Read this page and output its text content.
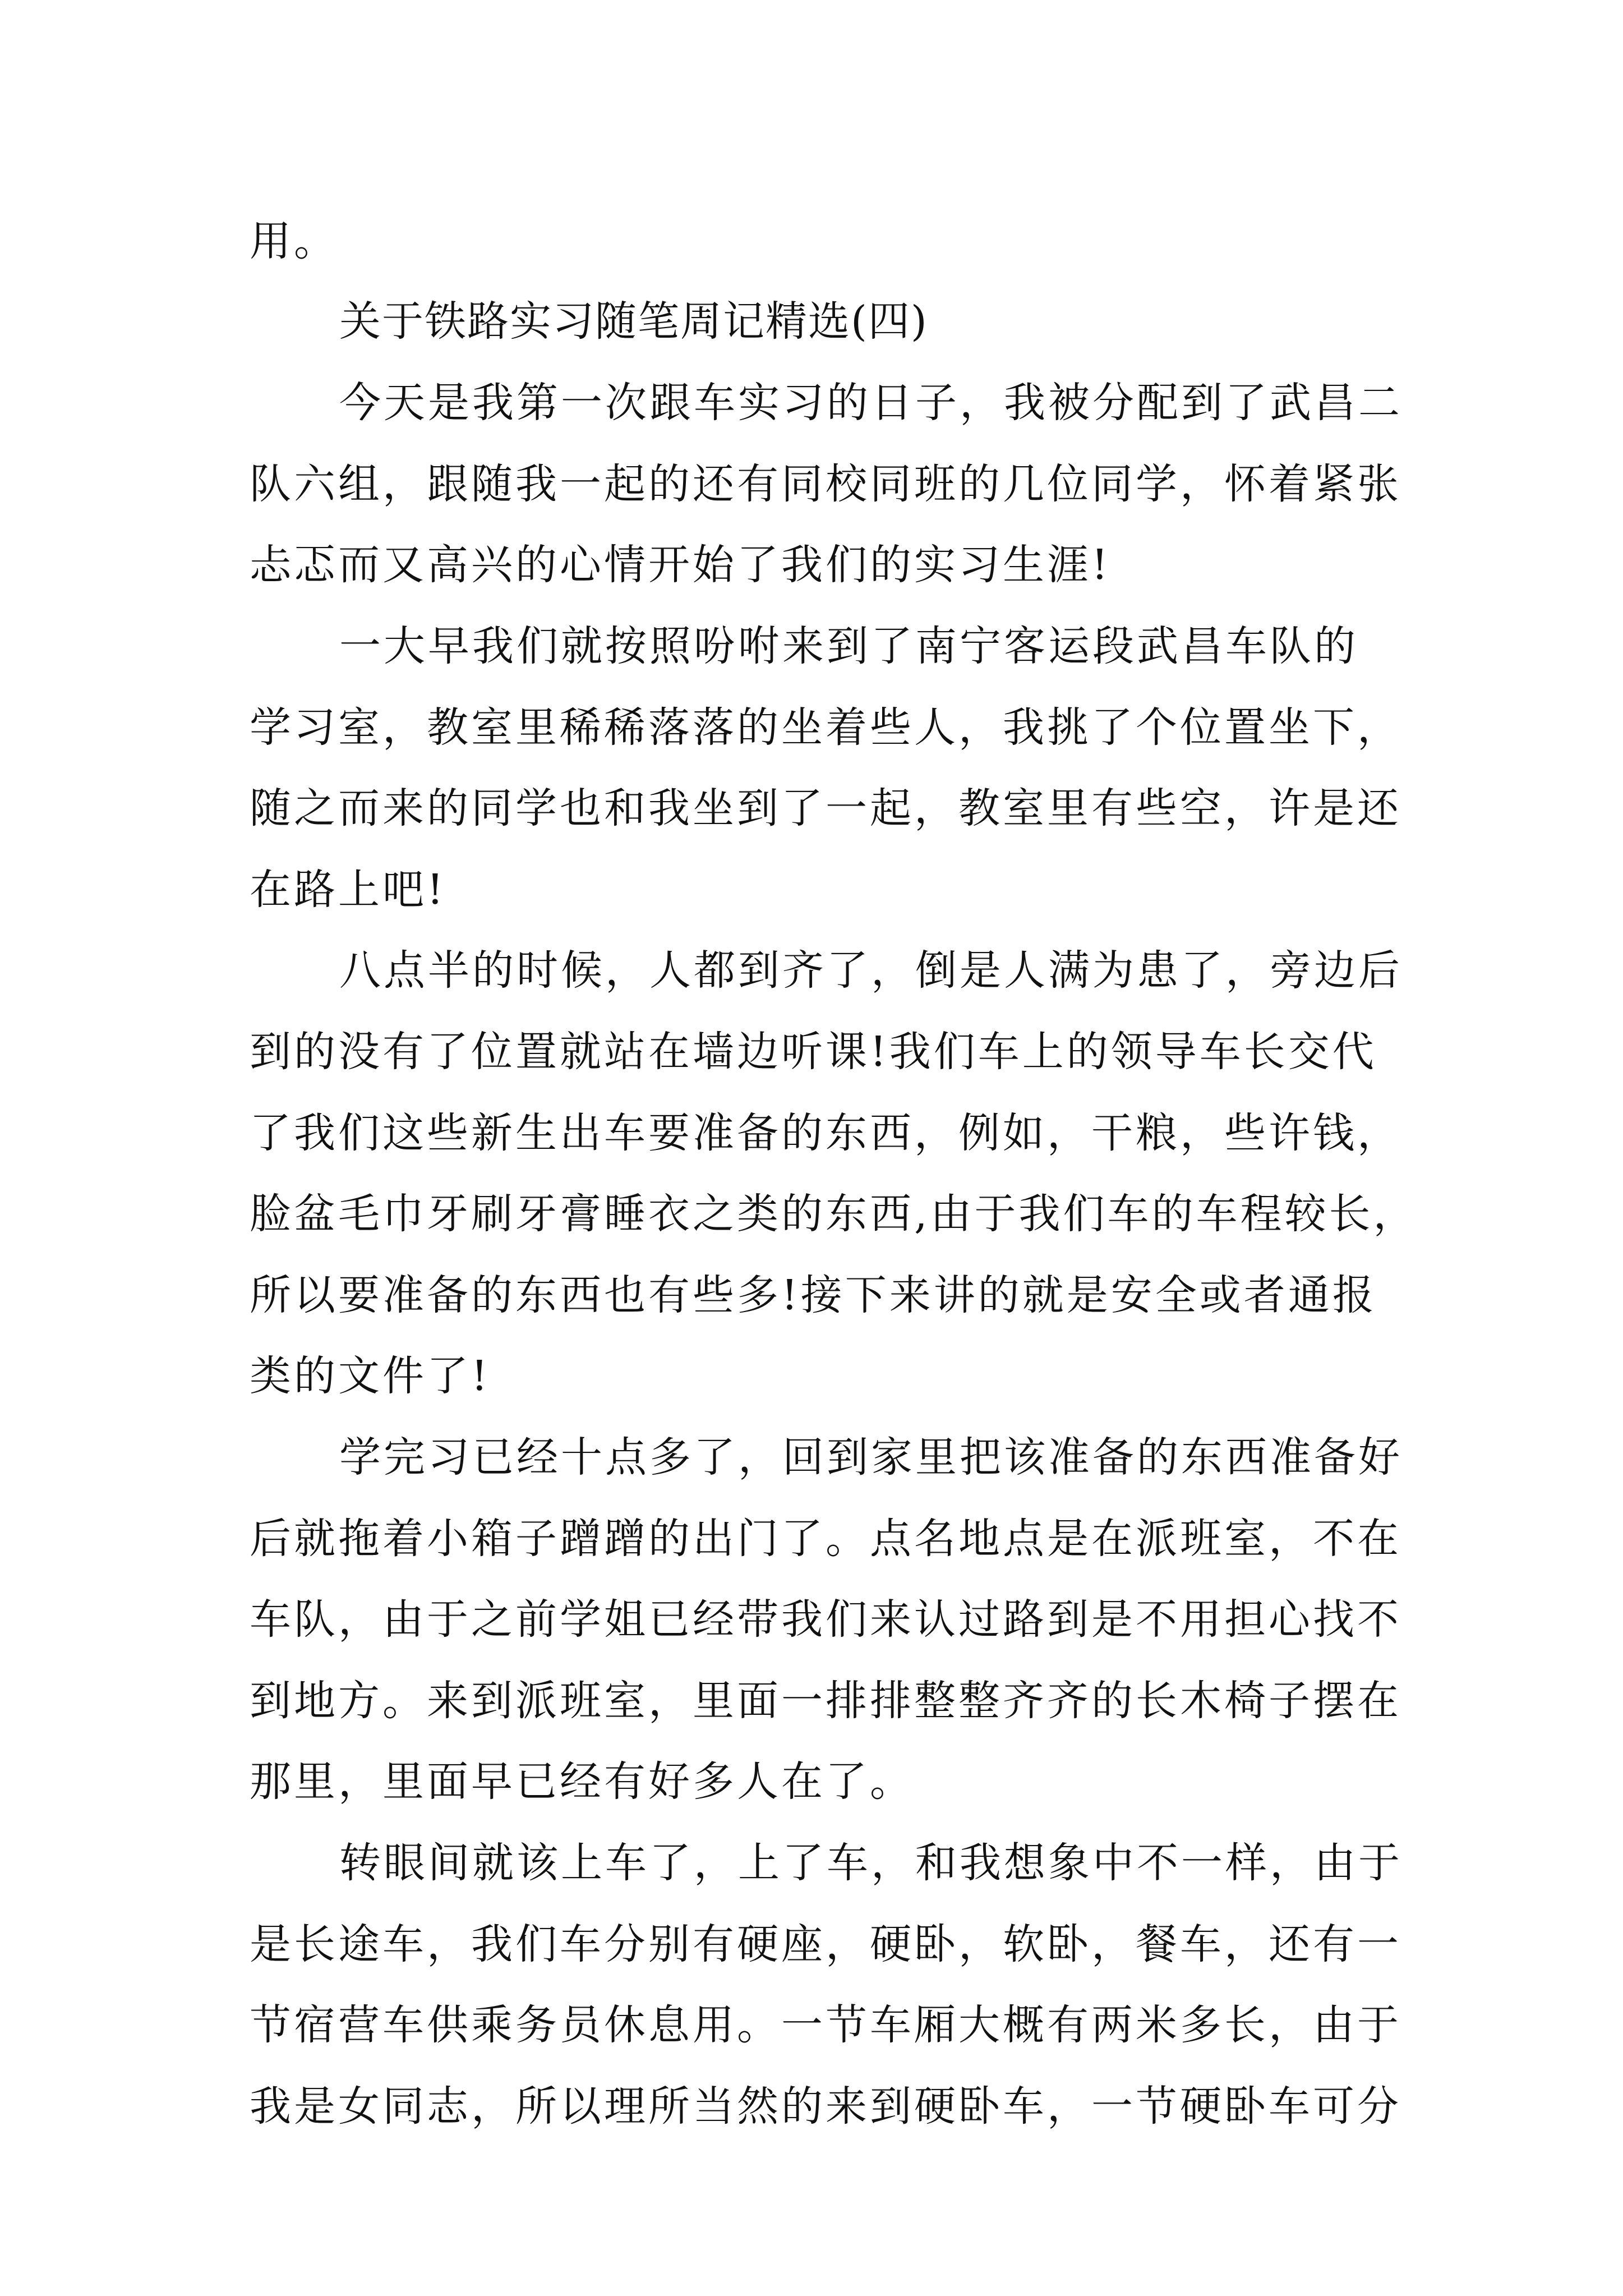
用。
关于铁路实习随笔周记精选(四)
今天是我第一次跟车实习的日子，我被分配到了武昌二
队六组，跟随我一起的还有同校同班的几位同学，怀着紧张
忐忑而又高兴的心情开始了我们的实习生涯!
一大早我们就按照吩咐来到了南宁客运段武昌车队的
学习室，教室里稀稀落落的坐着些人，我挑了个位置坐下，
随之而来的同学也和我坐到了一起，教室里有些空，许是还
在路上吧!
八点半的时候，人都到齐了，倒是人满为患了，旁边后
到的没有了位置就站在墙边听课!我们车上的领导车长交代
了我们这些新生出车要准备的东西，例如，干粮，些许钱，
脸盆毛巾牙刷牙膏睡衣之类的东西,由于我们车的车程较长，
所以要准备的东西也有些多!接下来讲的就是安全或者通报
类的文件了!
学完习已经十点多了，回到家里把该准备的东西准备好
后就拖着小箱子蹭蹭的出门了。点名地点是在派班室，不在
车队，由于之前学姐已经带我们来认过路到是不用担心找不
到地方。来到派班室，里面一排排整整齐齐的长木椅子摆在
那里，里面早已经有好多人在了。
转眼间就该上车了，上了车，和我想象中不一样，由于
是长途车，我们车分别有硬座，硬卧，软卧，餐车，还有一
节宿营车供乘务员休息用。一节车厢大概有两米多长，由于
我是女同志，所以理所当然的来到硬卧车，一节硬卧车可分
